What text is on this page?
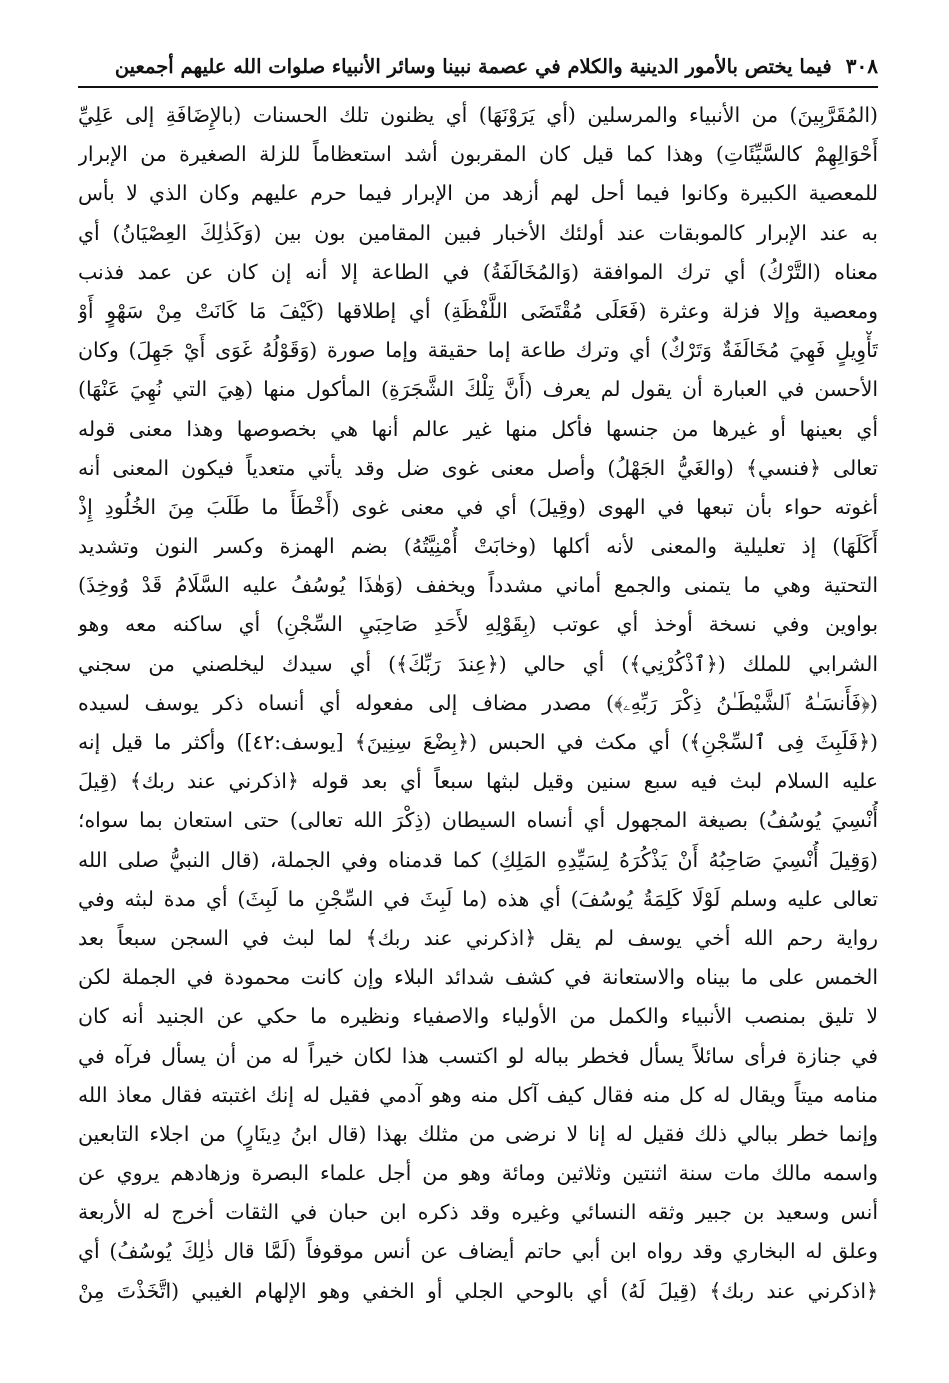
٣٠٨
فيما يختص بالأمور الدينية والكلام في عصمة نبينا وسائر الأنبياء صلوات الله عليهم أجمعين
(المُقَرَّبِينَ) من الأنبياء والمرسلين (أي يَرَوْنَهَا) أي يظنون تلك الحسنات (بالإِضَافَةِ إلى عَلِيِّ
أَحْوَالِهِمْ كالسَّيِّئَاتِ) وهذا كما قيل كان المقربون أشد استعظاماً للزلة الصغيرة من الإبرار
للمعصية الكبيرة وكانوا فيما أحل لهم أزهد من الإبرار فيما حرم عليهم وكان الذي لا بأس
به عند الإبرار كالموبقات عند أولئك الأخبار فبين المقامين بون بين (وَكَذٰلِكَ العِصْيَانُ) أي
معناه (التَّرْكُ) أي ترك الموافقة (وَالمُخَالَفَةُ) في الطاعة إلا أنه إن كان عن عمد فذنب
ومعصية وإلا فزلة وعثرة (فَعَلَى مُقْتَضَى اللَّفْظَةِ) أي إطلاقها (كَيْفَ مَا كَانَتْ مِنْ سَهْوٍ أَوْ
تَأْوِيلٍ فَهِيَ مُخَالَفَةٌ وَتَرْكٌ) أي وترك طاعة إما حقيقة وإما صورة (وَقَوْلُهُ غَوَى أَيْ جَهِلَ) وكان
الأحسن في العبارة أن يقول لم يعرف (أَنَّ تِلْكَ الشَّجَرَةِ) المأكول منها (هِيَ التي نُهِيَ عَنْهَا)
أي بعينها أو غيرها من جنسها فأكل منها غير عالم أنها هي بخصوصها وهذا معنى قوله
تعالى ﴿فنسي﴾ (والغَيُّ الجَهْلُ) وأصل معنى غوى ضل وقد يأتي متعدياً فيكون المعنى أنه
أغوته حواء بأن تبعها في الهوى (وقِيلَ) أي في معنى غوى (أَخْطَأَ ما طَلَبَ مِنَ الخُلُودِ إِذْ
أَكَلَهَا) إذ تعليلية والمعنى لأنه أكلها (وخابَتْ أُمْنِيَّتُهُ) بضم الهمزة وكسر النون وتشديد
التحتية وهي ما يتمنى والجمع أماني مشدداً ويخفف (وَهٰذَا يُوسُفُ عليه السَّلَامُ قَدْ وُوخِذَ)
بواوين وفي نسخة أوخذ أي عوتب (بِقَوْلِهِ لأَحَدِ صَاحِبَيِ السِّجْنِ) أي ساكنه معه وهو
الشرابي للملك (﴿ٱذْكُرْنِي﴾) أي حالي (﴿عِندَ رَبِّكَ﴾) أي سيدك ليخلصني من سجني
(﴿فَأَنسَـٰهُ ٱلشَّيْطَـٰنُ ذِكْرَ رَبِّهِۦ﴾) مصدر مضاف إلى مفعوله أي أنساه ذكر يوسف لسيده
(﴿فَلَبِثَ فِى ٱلسِّجْنِ﴾) أي مكث في الحبس (﴿بِضْعَ سِنِينَ﴾ [يوسف:٤٢]) وأكثر ما قيل إنه
عليه السلام لبث فيه سبع سنين وقيل لبثها سبعاً أي بعد قوله ﴿اذكرني عند ربك﴾ (قِيلَ
أُنْسِيَ يُوسُفُ) بصيغة المجهول أي أنساه السيطان (ذِكْرَ الله تعالى) حتى استعان بما سواه؛
(وَقِيلَ أُنْسِيَ صَاحِبُهُ أَنْ يَذْكُرَهُ لِسَيِّدِهِ المَلِكِ) كما قدمناه وفي الجملة، (قال النبيُّ صلى الله
تعالى عليه وسلم لَوْلَا كَلِمَةُ يُوسُفَ) أي هذه (ما لَبِثَ في السِّجْنِ ما لَبِثَ) أي مدة لبثه وفي
رواية رحم الله أخي يوسف لم يقل ﴿اذكرني عند ربك﴾ لما لبث في السجن سبعاً بعد
الخمس على ما بيناه والاستعانة في كشف شدائد البلاء وإن كانت محمودة في الجملة لكن
لا تليق بمنصب الأنبياء والكمل من الأولياء والاصفياء ونظيره ما حكي عن الجنيد أنه كان
في جنازة فرأى سائلاً يسأل فخطر بباله لو اكتسب هذا لكان خيراً له من أن يسأل فرآه في
منامه ميتاً ويقال له كل منه فقال كيف آكل منه وهو آدمي فقيل له إنك اغتبته فقال معاذ الله
وإنما خطر ببالي ذلك فقيل له إنا لا نرضى من مثلك بهذا (قال ابنُ دِينَارٍ) من اجلاء التابعين
واسمه مالك مات سنة اثنتين وثلاثين ومائة وهو من أجل علماء البصرة وزهادهم يروي عن
أنس وسعيد بن جبير وثقه النسائي وغيره وقد ذكره ابن حبان في الثقات أخرج له الأربعة
وعلق له البخاري وقد رواه ابن أبي حاتم أيضاف عن أنس موقوفاً (لَمَّا قال ذٰلِكَ يُوسُفُ) أي
﴿اذكرني عند ربك﴾ (قِيلَ لَهُ) أي بالوحي الجلي أو الخفي وهو الإلهام الغيبي (اتَّخَذْتَ مِنْ
